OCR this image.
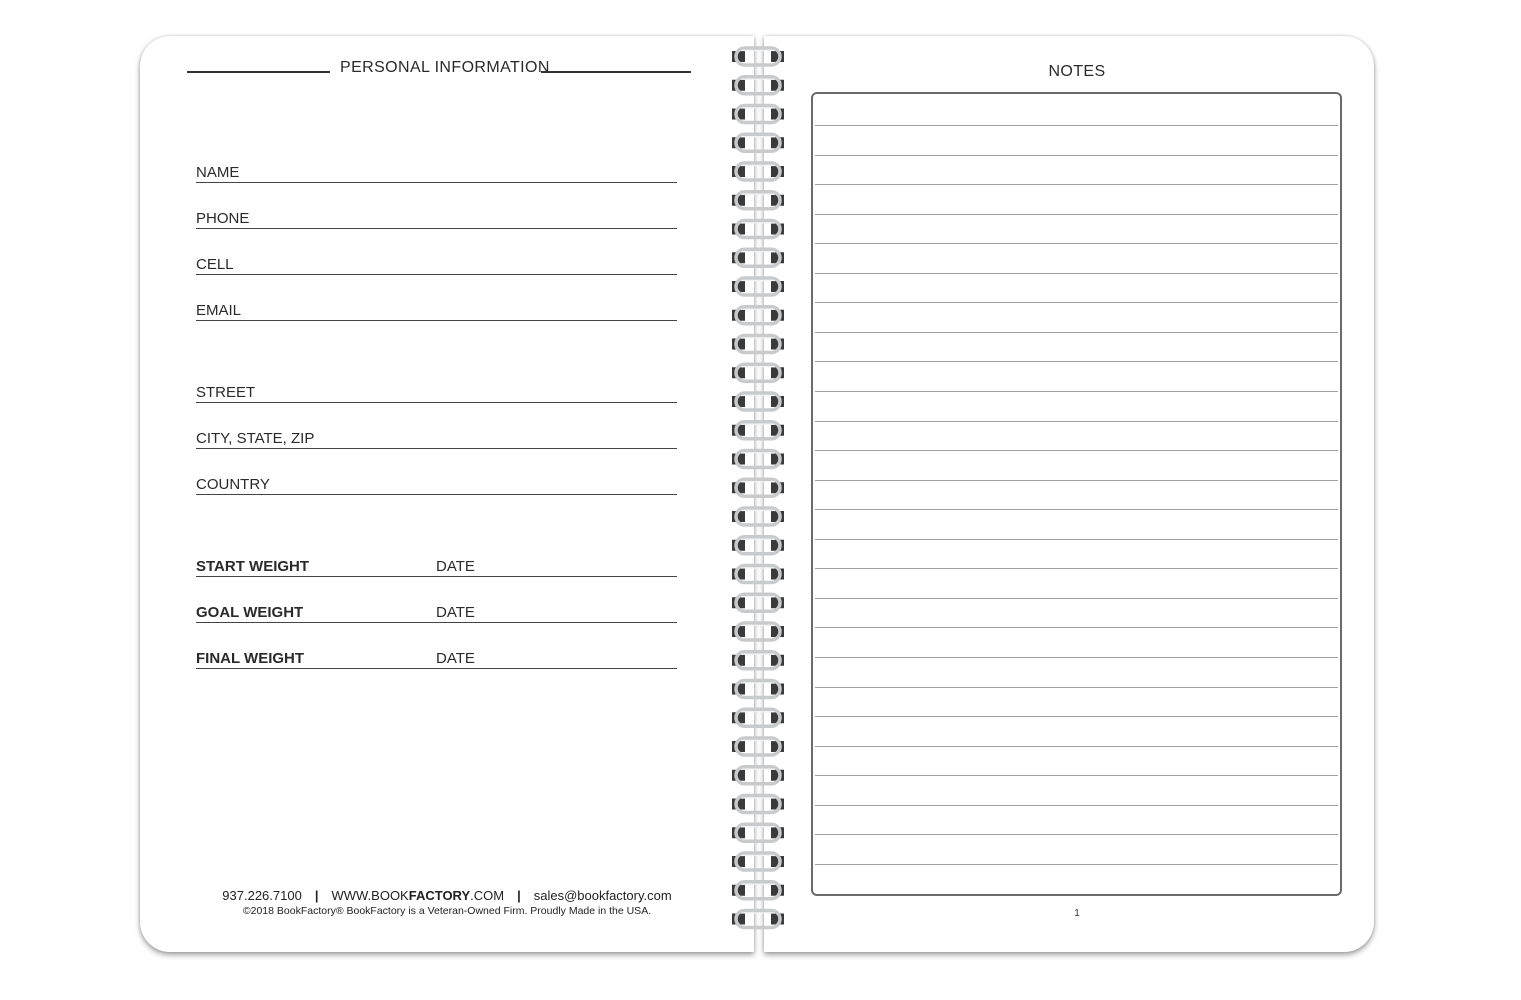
PERSONAL INFORMATION
NAME
PHONE
CELL
EMAIL
STREET
CITY, STATE, ZIP
COUNTRY
START WEIGHT	DATE
GOAL WEIGHT	DATE
FINAL WEIGHT	DATE
937.226.7100 | WWW.BOOKFACTORY.COM | sales@bookfactory.com
©2018 BookFactory® BookFactory is a Veteran-Owned Firm. Proudly Made in the USA.
NOTES
1
